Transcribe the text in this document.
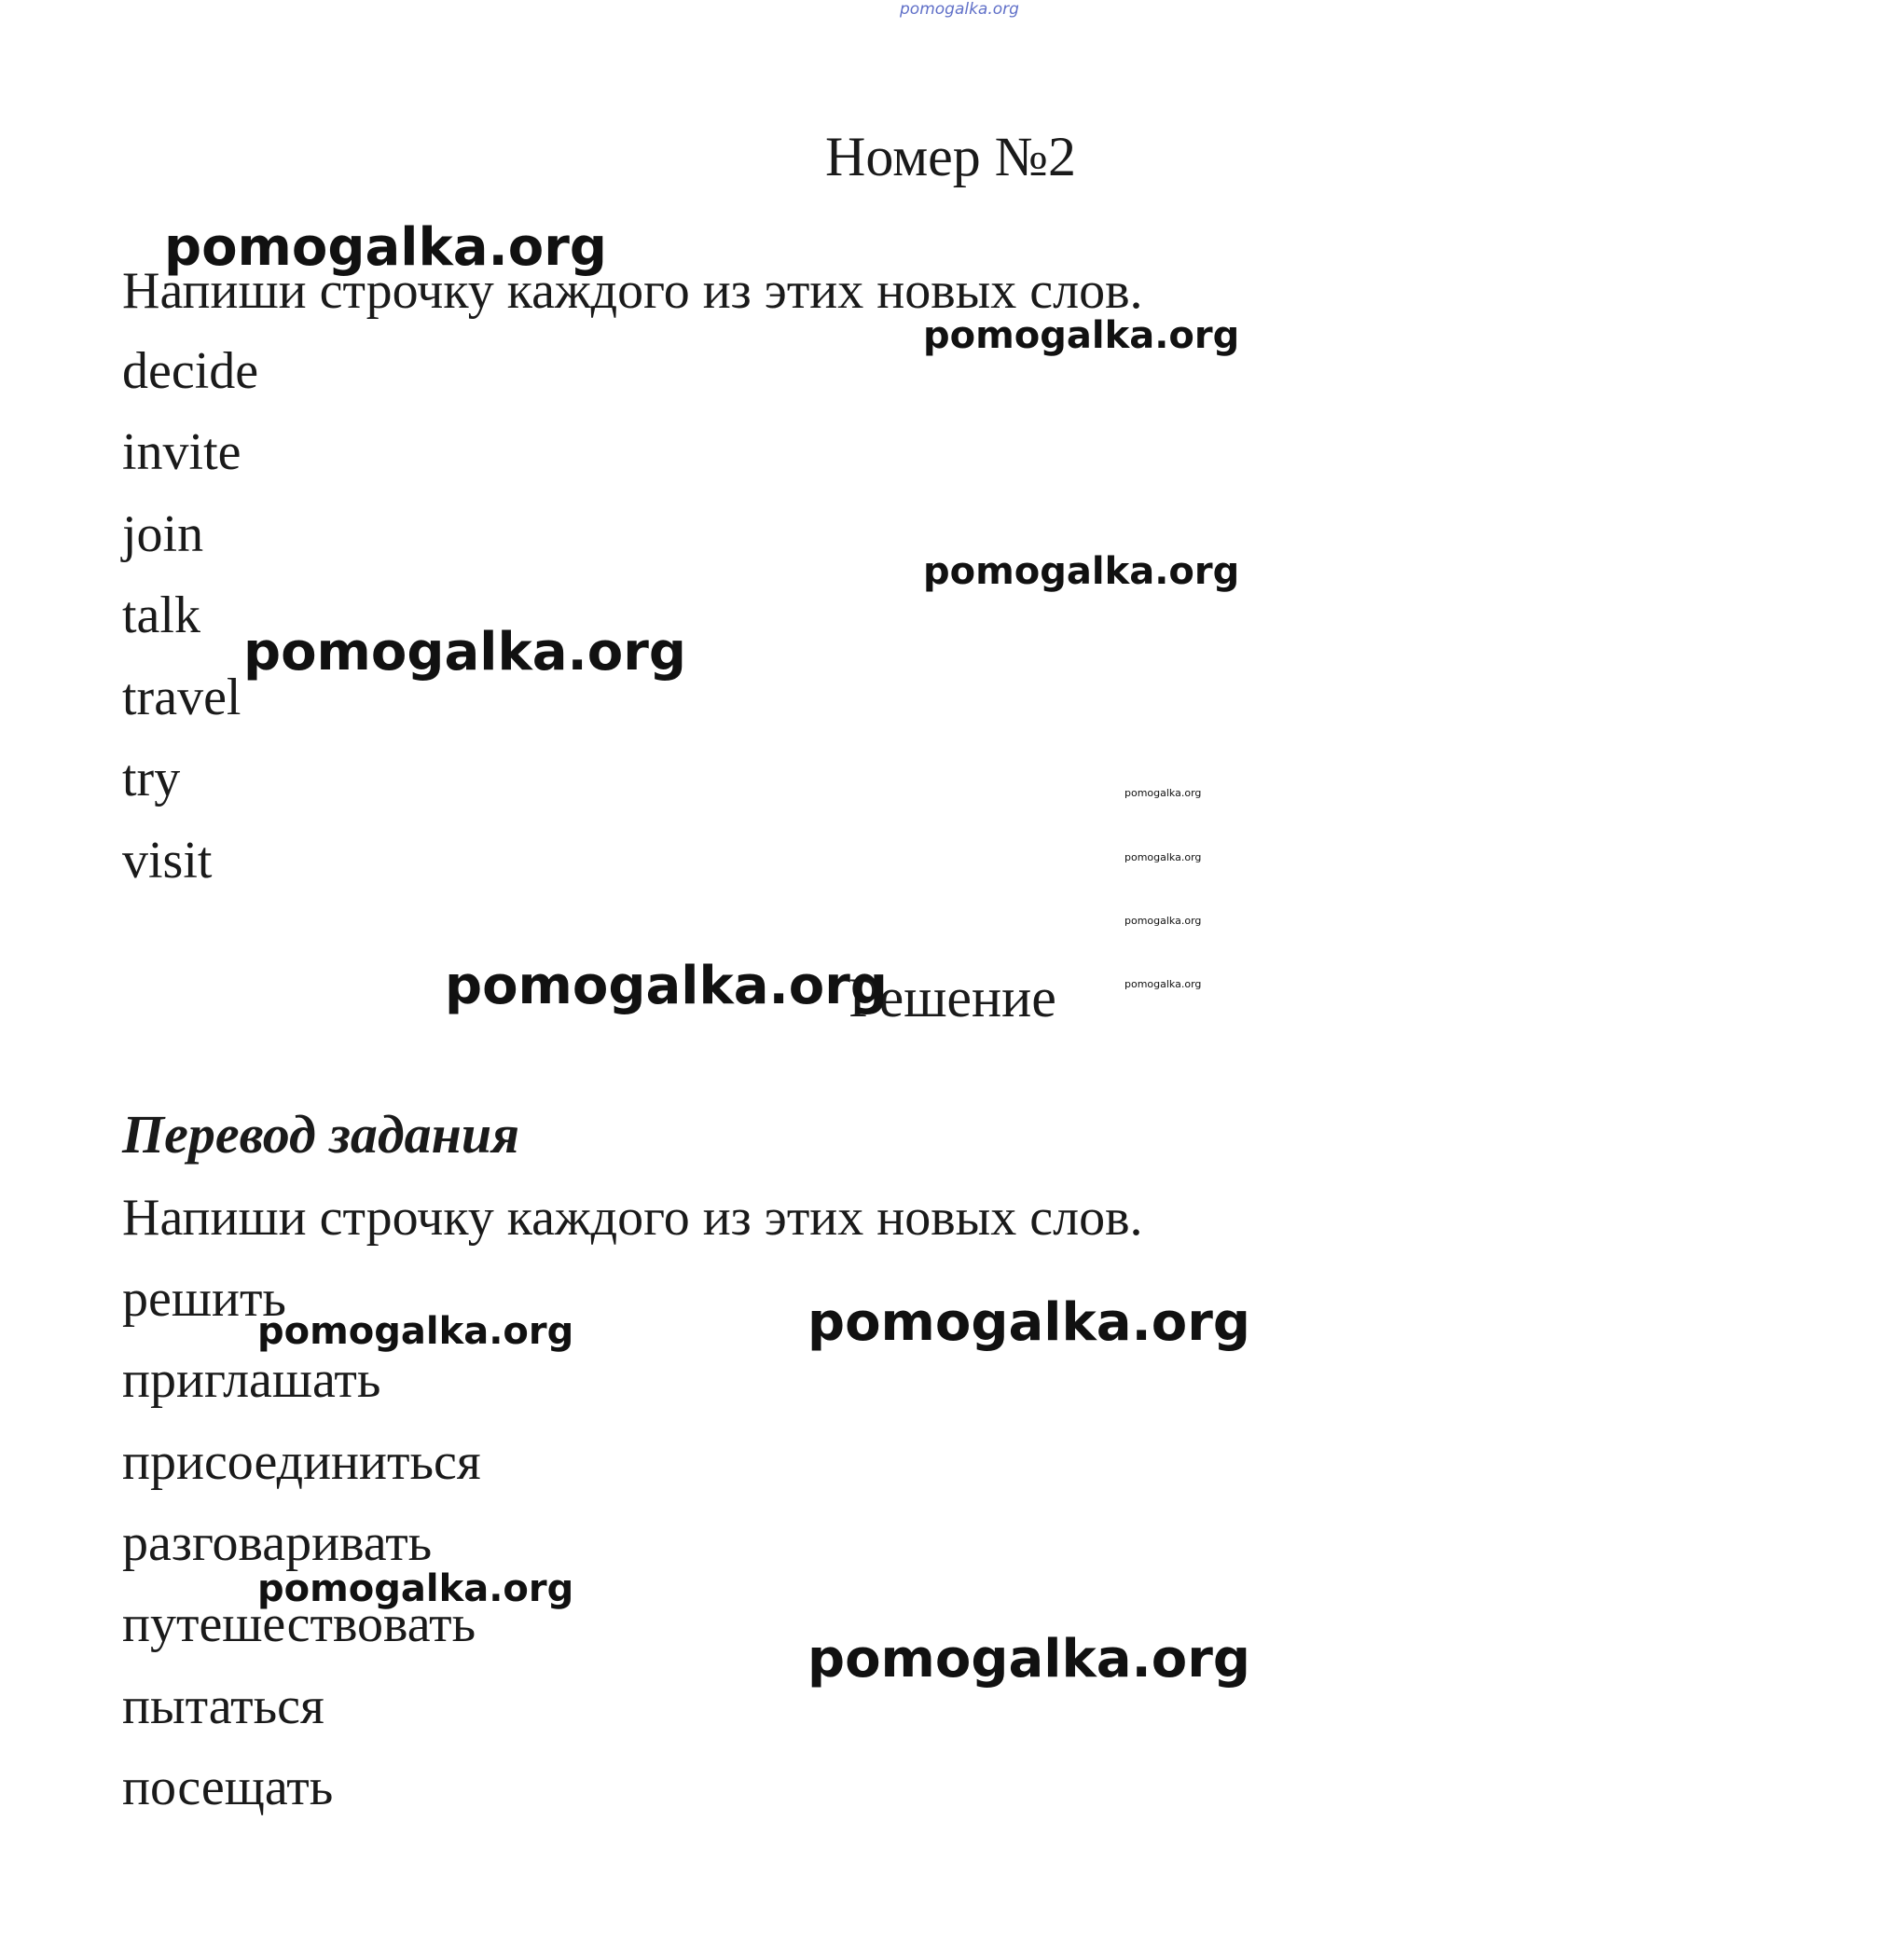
pomogalka.org
Номер №2
Напиши строчку каждого из этих новых слов.
decide
invite
join
talk
travel
try
visit
Решение
Перевод задания
Напиши строчку каждого из этих новых слов.
решить
приглашать
присоединиться
разговаривать
путешествовать
пытаться
посещать
pomogalka.org
pomogalka.org
pomogalka.org
pomogalka.org
pomogalka.org
pomogalka.org
pomogalka.org
pomogalka.org
pomogalka.org
pomogalka.org	pomogalka.org
pomogalka.org
pomogalka.org
